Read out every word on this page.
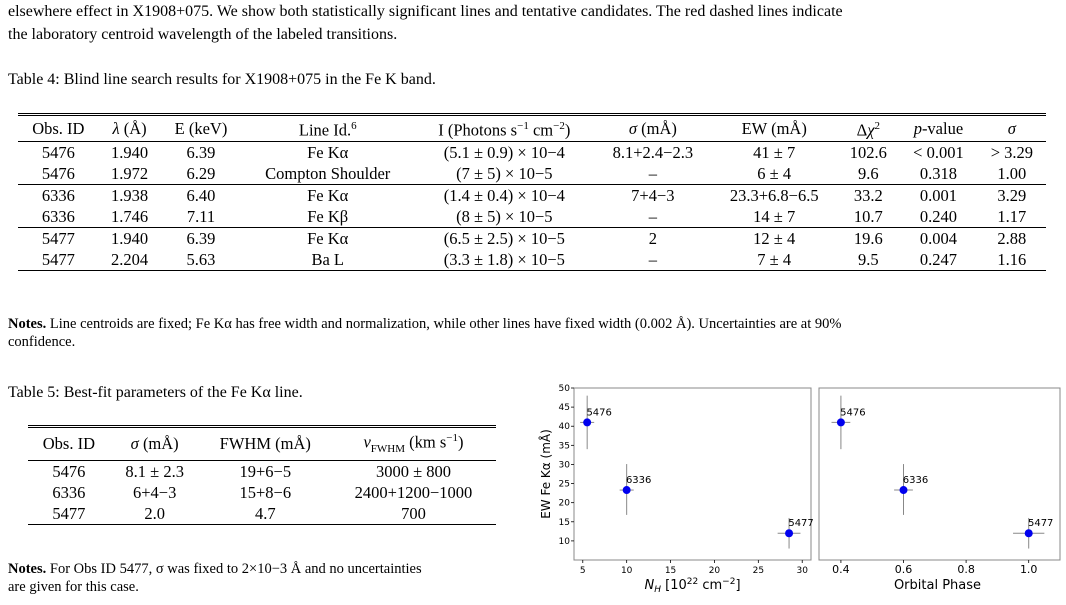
elsewhere effect in X1908+075. We show both statistically significant lines and tentative candidates. The red dashed lines indicate
the laboratory centroid wavelength of the labeled transitions.
Table 4: Blind line search results for X1908+075 in the Fe K band.
Obs. ID	λ (Å)	E (keV)	Line Id.$^6$	I (Photons $s^{-1}$ $cm^{-2}$)	σ (mÅ)	EW (mÅ)	$\Delta\chi^2$	p-value	σ
5476	1.940	6.39	Fe Kα	(5.1 ± 0.9) × 10−4	8.1+2.4−2.3	41 ± 7	102.6	< 0.001	> 3.29
5476	1.972	6.29	Compton Shoulder	(7 ± 5) × 10−5	–	6 ± 4	9.6	0.318	1.00
6336	1.938	6.40	Fe Kα	(1.4 ± 0.4) × 10−4	7+4−3	23.3+6.8−6.5	33.2	0.001	3.29
6336	1.746	7.11	Fe Kβ	(8 ± 5) × 10−5	–	14 ± 7	10.7	0.240	1.17
5477	1.940	6.39	Fe Kα	(6.5 ± 2.5) × 10−5	2	12 ± 4	19.6	0.004	2.88
5477	2.204	5.63	Ba L	(3.3 ± 1.8) × 10−5	–	7 ± 4	9.5	0.247	1.16
Notes. Line centroids are fixed; Fe Kα has free width and normalization, while other lines have fixed width (0.002 Å). Uncertainties are at 90%
confidence.
Table 5: Best-fit parameters of the Fe Kα line.
Obs. ID	σ (mÅ)	FWHM (mÅ)	$v_{FWHM}$ (km $s^{-1}$)
5476	8.1 ± 2.3	19+6−5	3000 ± 800
6336	6+4−3	15+8−6	2400+1200−1000
5477	2.0	4.7	700
Notes. For Obs ID 5477, σ was fixed to 2×10−3 Å and no uncertainties
are given for this case.
5	10	15	20	25	30
10
15
20
25
30
35
40
45
50
EW Fe Kα (mÅ)
$N_H$ [$10^{22}$ $cm^{-2}$]
5476
6336
5477
0.4	0.6	0.8	1.0
Orbital Phase
5476
6336
5477
